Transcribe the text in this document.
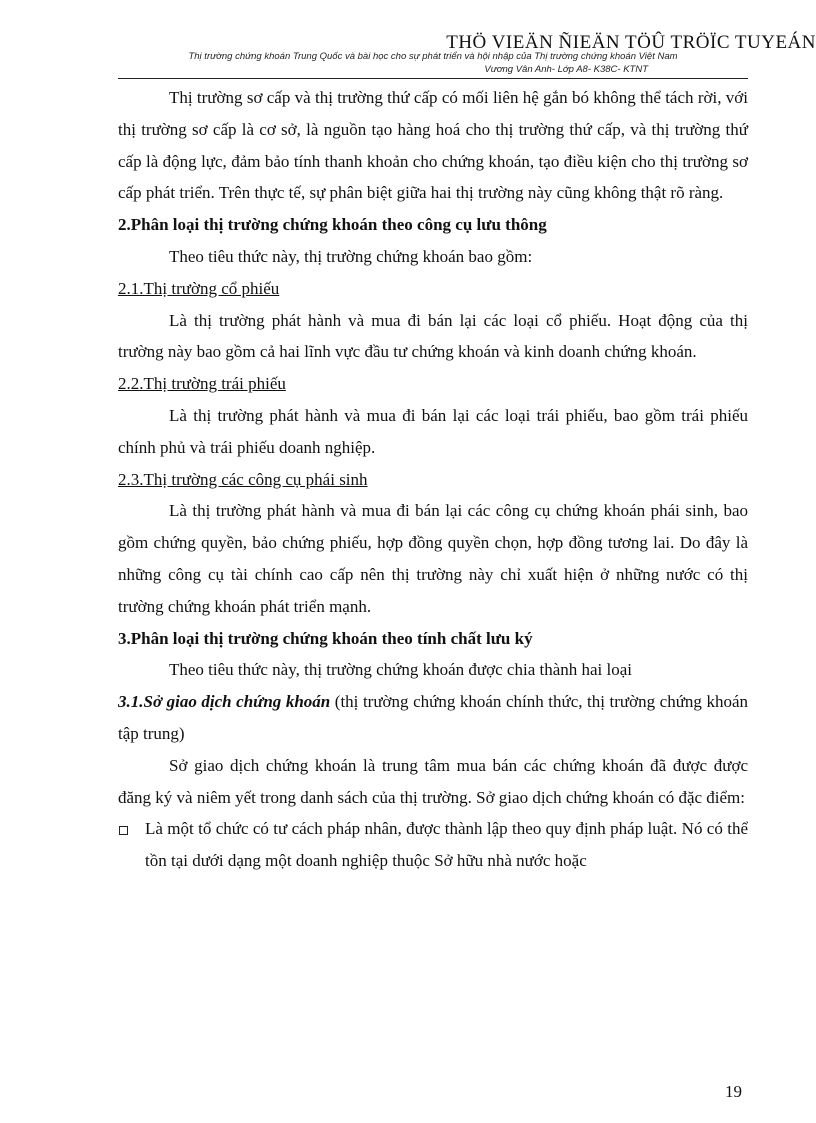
THÖ VIEÄN ÑIEÄN TÖÛ TRÖÏC TUYEÁN
Thị trường chứng khoán Trung Quốc và bài học cho sự phát triển và hội nhập của Thị trường chứng khoán Việt Nam
Vương Vân Anh- Lớp A8- K38C- KTNT

Thị trường sơ cấp và thị trường thứ cấp có mối liên hệ gắn bó không thể tách rời, với thị trường sơ cấp là cơ sở, là nguồn tạo hàng hoá cho thị trường thứ cấp, và thị trường thứ cấp là động lực, đảm bảo tính thanh khoản cho chứng khoán, tạo điều kiện cho thị trường sơ cấp phát triển. Trên thực tế, sự phân biệt giữa hai thị trường này cũng không thật rõ ràng.

2.Phân loại thị trường chứng khoán theo công cụ lưu thông

Theo tiêu thức này, thị trường chứng khoán bao gồm:

2.1.Thị trường cổ phiếu

Là thị trường phát hành và mua đi bán lại các loại cổ phiếu. Hoạt động của thị trường này bao gồm cả hai lĩnh vực đầu tư chứng khoán và kinh doanh chứng khoán.

2.2.Thị trường trái phiếu

Là thị trường phát hành và mua đi bán lại các loại trái phiếu, bao gồm trái phiếu chính phủ và trái phiếu doanh nghiệp.

2.3.Thị trường các công cụ phái sinh

Là thị trường phát hành và mua đi bán lại các công cụ chứng khoán phái sinh, bao gồm chứng quyền, bảo chứng phiếu, hợp đồng quyền chọn, hợp đồng tương lai. Do đây là những công cụ tài chính cao cấp nên thị trường này chỉ xuất hiện ở những nước có thị trường chứng khoán phát triển mạnh.

3.Phân loại thị trường chứng khoán theo tính chất lưu ký

Theo tiêu thức này, thị trường chứng khoán được chia thành hai loại

3.1.Sở giao dịch chứng khoán (thị trường chứng khoán chính thức, thị trường chứng khoán tập trung)

Sở giao dịch chứng khoán là trung tâm mua bán các chứng khoán đã được được đăng ký và niêm yết trong danh sách của thị trường. Sở giao dịch chứng khoán có đặc điểm:

Là một tổ chức có tư cách pháp nhân, được thành lập theo quy định pháp luật. Nó có thể tồn tại dưới dạng một doanh nghiệp thuộc Sở hữu nhà nước hoặc

19
